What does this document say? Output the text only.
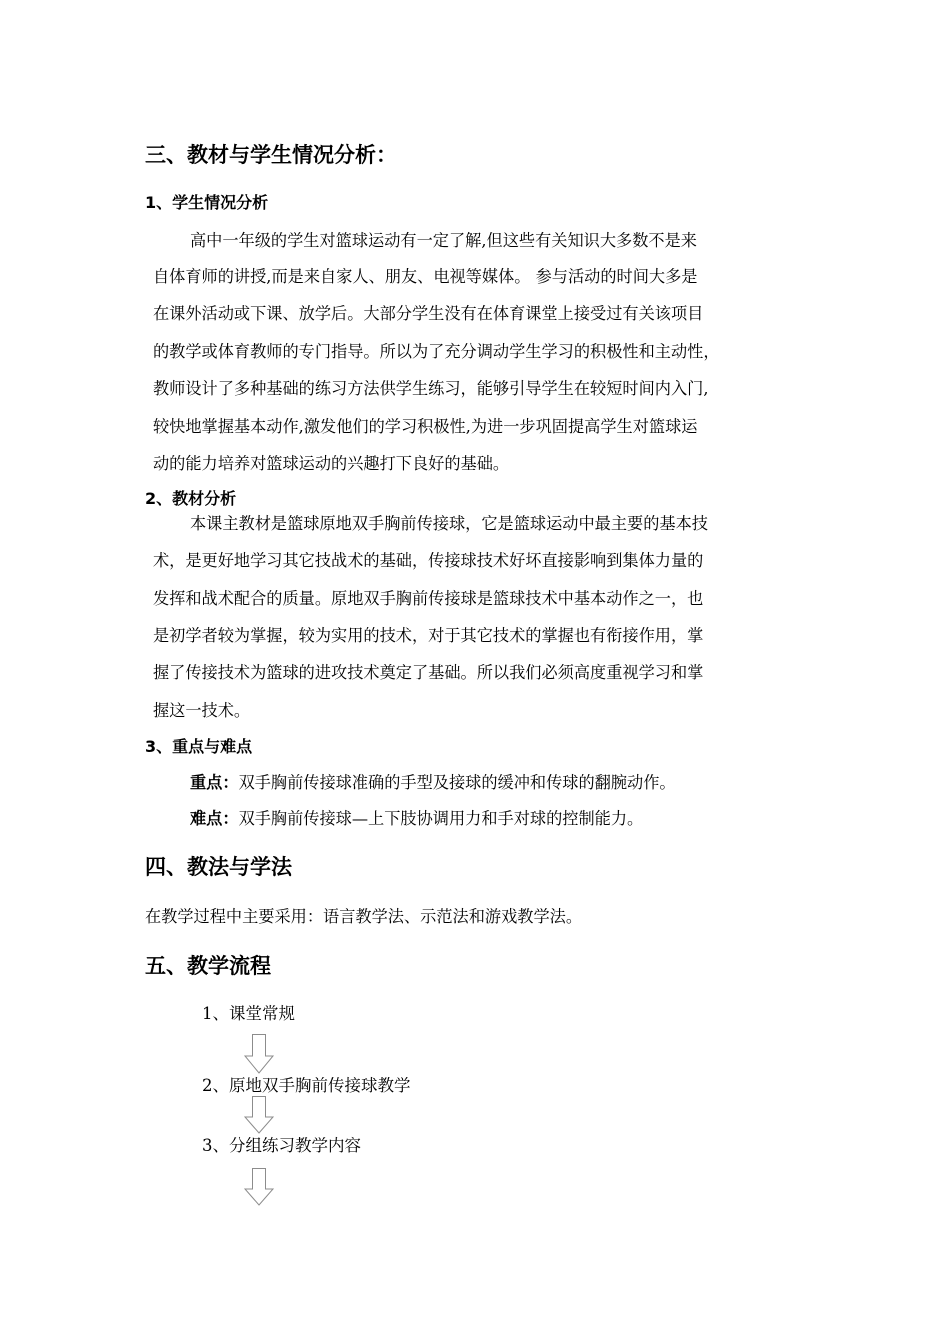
三、教材与学生情况分析：
1、学生情况分析

高中一年级的学生对篮球运动有一定了解,但这些有关知识大多数不是来

自体育师的讲授,而是来自家人、朋友、电视等媒体。 参与活动的时间大多是

在课外活动或下课、放学后。大部分学生没有在体育课堂上接受过有关该项目

的教学或体育教师的专门指导。所以为了充分调动学生学习的积极性和主动性，

教师设计了多种基础的练习方法供学生练习，能够引导学生在较短时间内入门,

较快地掌握基本动作,激发他们的学习积极性,为进一步巩固提高学生对篮球运

动的能力培养对篮球运动的兴趣打下良好的基础。

2、教材分析

本课主教材是篮球原地双手胸前传接球，它是篮球运动中最主要的基本技

术，是更好地学习其它技战术的基础，传接球技术好坏直接影响到集体力量的

发挥和战术配合的质量。原地双手胸前传接球是篮球技术中基本动作之一，也

是初学者较为掌握，较为实用的技术，对于其它技术的掌握也有衔接作用，掌

握了传接技术为篮球的进攻技术奠定了基础。所以我们必须高度重视学习和掌

握这一技术。

3、重点与难点

重点：双手胸前传接球准确的手型及接球的缓冲和传球的翻腕动作。

难点：双手胸前传接球—上下肢协调用力和手对球的控制能力。

四、教法与学法

在教学过程中主要采用：语言教学法、示范法和游戏教学法。

五、教学流程

1、课堂常规

2、原地双手胸前传接球教学

3、分组练习教学内容
